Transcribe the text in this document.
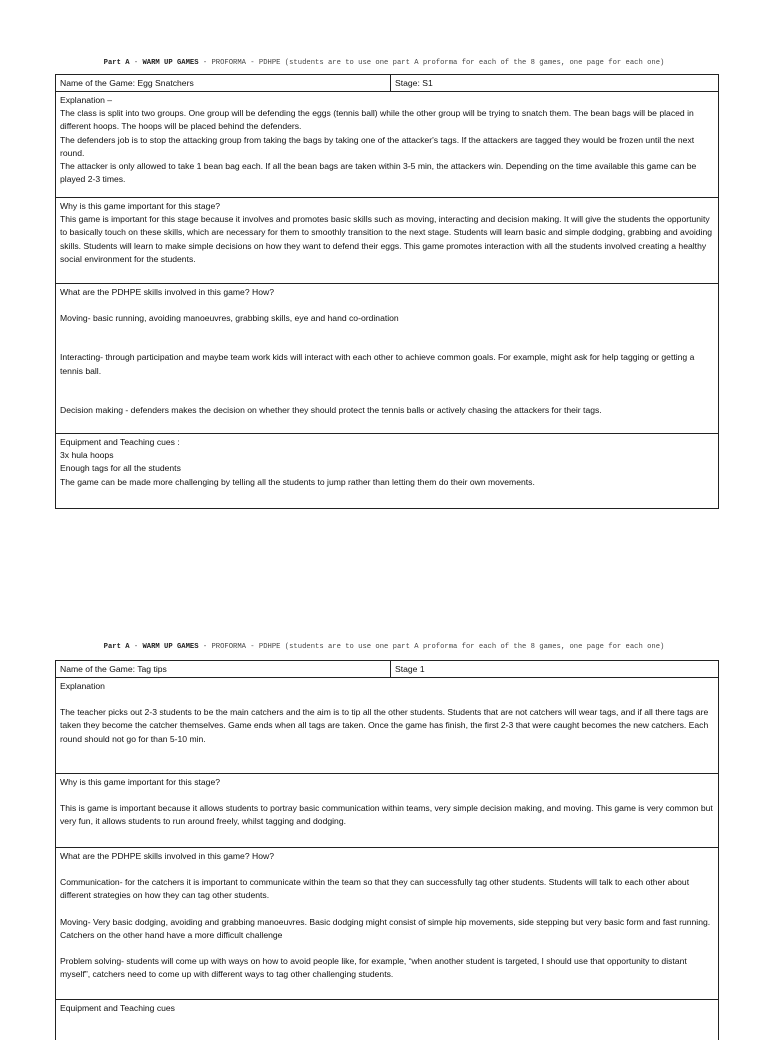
Part A - WARM UP GAMES - PROFORMA - PDHPE (students are to use one part A proforma for each of the 8 games, one page for each one)
Name of the Game: Egg Snatchers	Stage: S1

Explanation –

The class is split into two groups. One group will be defending the eggs (tennis ball) while the other group will be trying to snatch them. The bean bags will be placed in different hoops. The hoops will be placed behind the defenders.

The defenders job is to stop the attacking group from taking the bags by taking one of the attacker's tags. If the attackers are tagged they would be frozen until the next round.

The attacker is only allowed to take 1 bean bag each. If all the bean bags are taken within 3-5 min, the attackers win. Depending on the time available this game can be played 2-3 times.

Why is this game important for this stage?

This game is important for this stage because it involves and promotes basic skills such as moving, interacting and decision making. It will give the students the opportunity to basically touch on these skills, which are necessary for them to smoothly transition to the next stage. Students will learn basic and simple dodging, grabbing and avoiding skills. Students will learn to make simple decisions on how they want to defend their eggs. This game promotes interaction with all the students involved creating a healthy social environment for the students.

What are the PDHPE skills involved in this game? How?

Moving- basic running, avoiding manoeuvres, grabbing skills, eye and hand co-ordination

Interacting- through participation and maybe team work kids will interact with each other to achieve common goals. For example, might ask for help tagging or getting a tennis ball.

Decision making - defenders makes the decision on whether they should protect the tennis balls or actively chasing the attackers for their tags.

Equipment and Teaching cues :

3x hula hoops

Enough tags for all the students

The game can be made more challenging by telling all the students to jump rather than letting them do their own movements.

Part A - WARM UP GAMES - PROFORMA - PDHPE (students are to use one part A proforma for each of the 8 games, one page for each one)
Name of the Game: Tag tips	Stage 1

Explanation

The teacher picks out 2-3 students to be the main catchers and the aim is to tip all the other students. Students that are not catchers will wear tags, and if all there tags are taken they become the catcher themselves. Game ends when all tags are taken. Once the game has finish, the first 2-3 that were caught becomes the new catchers. Each round should not go for than 5-10 min.

Why is this game important for this stage?

This is game is important because it allows students to portray basic communication within teams, very simple decision making, and moving. This game is very common but very fun, it allows students to run around freely, whilst tagging and dodging.

What are the PDHPE skills involved in this game? How?

Communication- for the catchers it is important to communicate within the team so that they can successfully tag other students. Students will talk to each other about different strategies on how they can tag other students.

Moving- Very basic dodging, avoiding and grabbing manoeuvres. Basic dodging might consist of simple hip movements, side stepping but very basic form and fast running. Catchers on the other hand have a more difficult challenge

Problem solving- students will come up with ways on how to avoid people like, for example, “when another student is targeted, I should use that opportunity to distant myself”, catchers need to come up with different ways to tag other challenging students.

Equipment and Teaching cues
